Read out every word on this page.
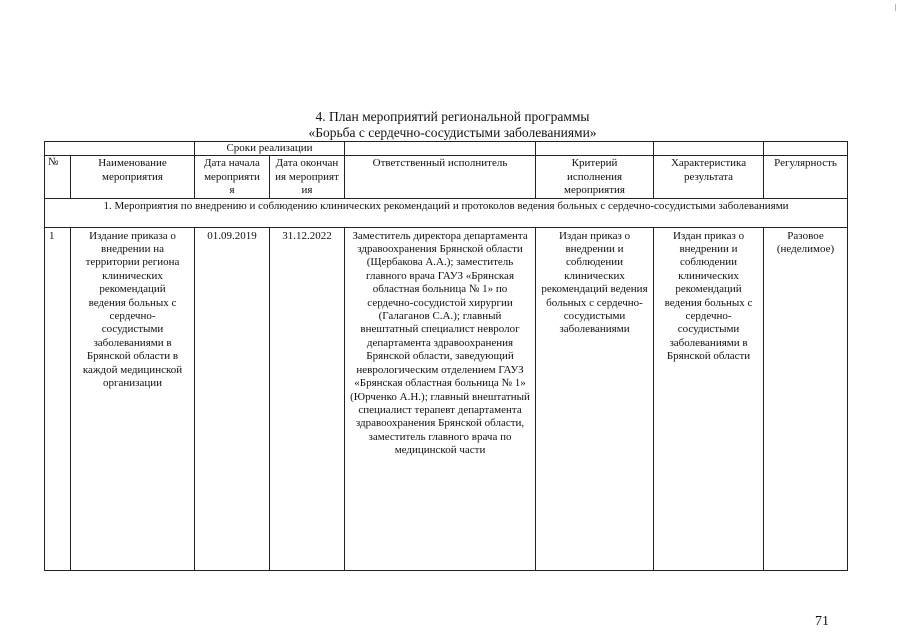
4. План мероприятий региональной программы
«Борьба с сердечно-сосудистыми заболеваниями»
		Сроки реализации					
№	Наименование мероприятия	Дата начала мероприятия	Дата окончания мероприятия	Ответственный исполнитель	Критерий исполнения мероприятия	Характеристика результата	Регулярность
1. Мероприятия по внедрению и соблюдению клинических рекомендаций и протоколов ведения больных с сердечно-сосудистыми заболеваниями							
1	Издание приказа о внедрении на территории региона клинических рекомендаций ведения больных с сердечно-сосудистыми заболеваниями в Брянской области в каждой медицинской организации	01.09.2019	31.12.2022	Заместитель директора департамента здравоохранения Брянской области (Щербакова А.А.); заместитель главного врача ГАУЗ «Брянская областная больница № 1» по сердечно-сосудистой хирургии (Галаганов С.А.); главный внештатный специалист невролог департамента здравоохранения Брянской области, заведующий неврологическим отделением ГАУЗ «Брянская областная больница № 1» (Юрченко А.Н.); главный внештатный специалист терапевт департамента здравоохранения Брянской области, заместитель главного врача по медицинской части	Издан приказ о внедрении и соблюдении клинических рекомендаций ведения больных с сердечно-сосудистыми заболеваниями	Издан приказ о внедрении и соблюдении клинических рекомендаций ведения больных с сердечно-сосудистыми заболеваниями в Брянской области	Разовое (неделимое)
71
